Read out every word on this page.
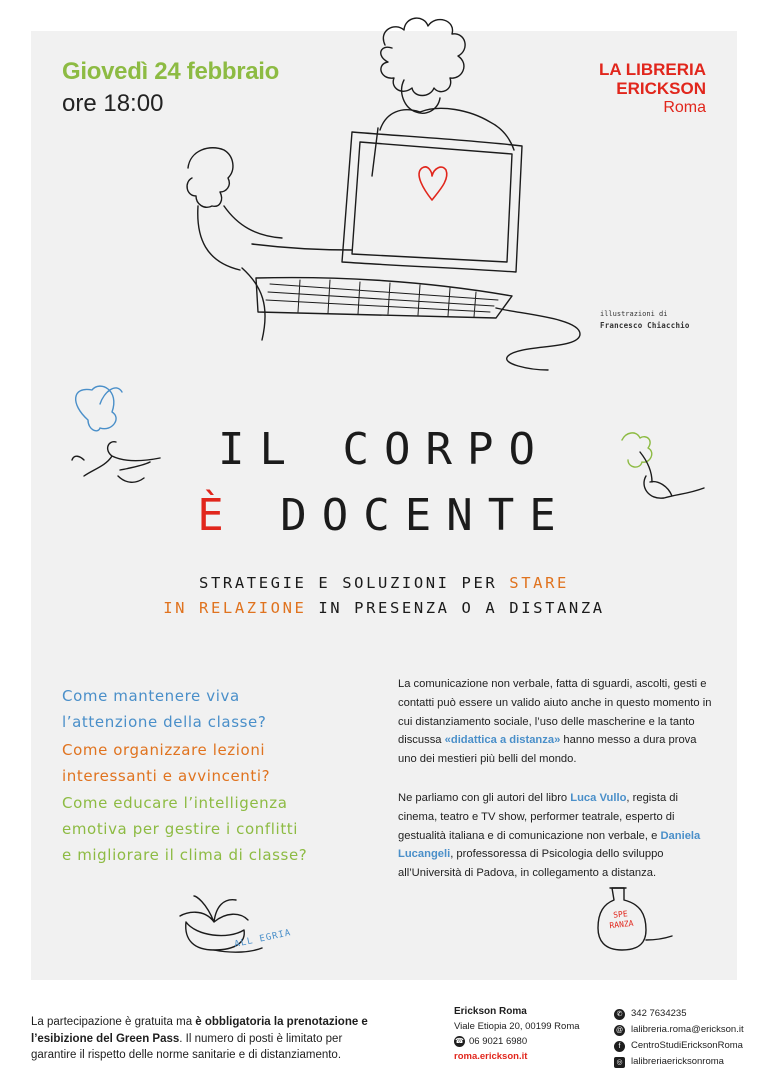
Giovedì 24 febbraio
ore 18:00
LA LIBRERIA
ERICKSON
Roma
illustrazioni di
Francesco Chiacchio
IL CORPO
È DOCENTE
STRATEGIE E SOLUZIONI PER STARE
IN RELAZIONE IN PRESENZA O A DISTANZA
Come mantenere viva
l’attenzione della classe?
Come organizzare lezioni
interessanti e avvincenti?
Come educare l’intelligenza
emotiva per gestire i conflitti
e migliorare il clima di classe?
La comunicazione non verbale, fatta di sguardi, ascolti, gesti e contatti può essere un valido aiuto anche in questo momento in cui distanziamento sociale, l’uso delle mascherine e la tanto discussa «didattica a distanza» hanno messo a dura prova uno dei mestieri più belli del mondo.
Ne parliamo con gli autori del libro Luca Vullo, regista di cinema, teatro e TV show, performer teatrale, esperto di gestualità italiana e di comunicazione non verbale, e Daniela Lucangeli, professoressa di Psicologia dello sviluppo all’Università di Padova, in collegamento a distanza.
ALL EGRIA
SPE
RANZA
La partecipazione è gratuita ma è obbligatoria la prenotazione e l’esibizione del Green Pass. Il numero di posti è limitato per garantire il rispetto delle norme sanitarie e di distanziamento.
Erickson Roma
Viale Etiopia 20, 00199 Roma
☎ 06 9021 6980
roma.erickson.it
✆ 342 7634235
@ lalibreria.roma@erickson.it
f	CentroStudiEricksonRoma
◎ lalibreriaericksonroma
